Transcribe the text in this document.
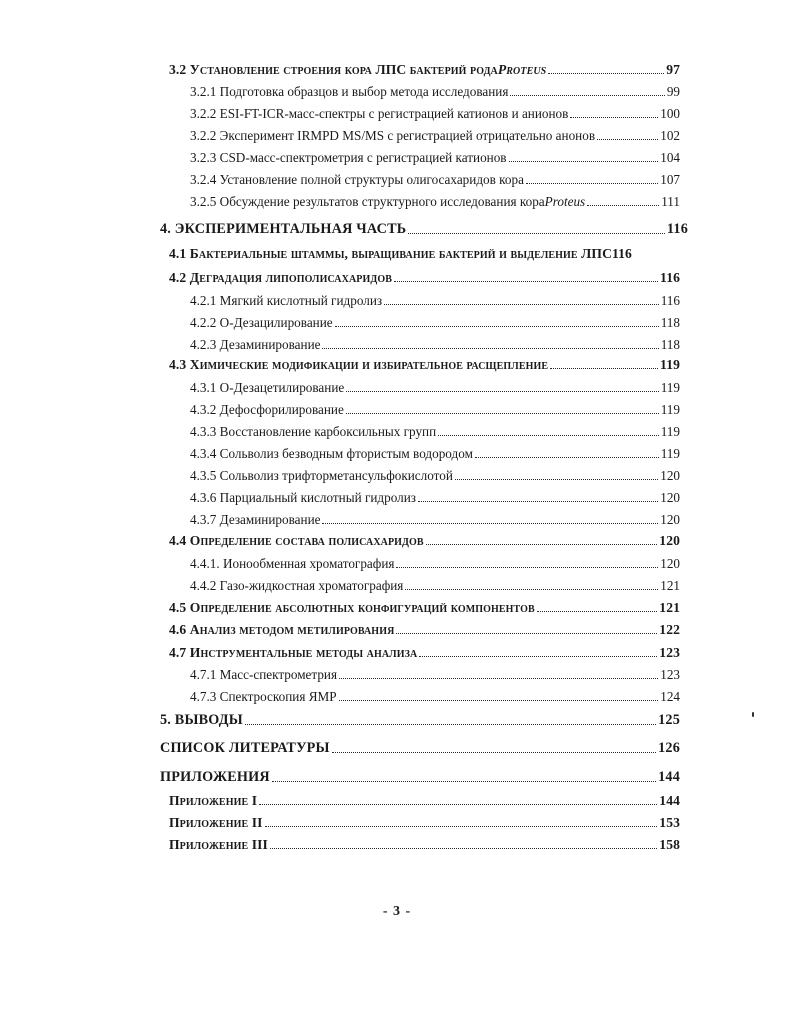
3.2 Установление строения кора ЛПС бактерий рода Proteus	97
3.2.1 Подготовка образцов и выбор метода исследования	99
3.2.2 ESI-FT-ICR-масс-спектры с регистрацией катионов и анионов	100
3.2.2 Эксперимент IRMPD MS/MS с регистрацией отрицательно анонов	102
3.2.3 CSD-масс-спектрометрия с регистрацией катионов	104
3.2.4 Установление полной структуры олигосахаридов кора	107
3.2.5 Обсуждение результатов структурного исследования кора Proteus	111
4. ЭКСПЕРИМЕНТАЛЬНАЯ ЧАСТЬ	116
4.1 Бактериальные штаммы, выращивание бактерий и выделение ЛПС 116
4.2 Деградация липополисахаридов	116
4.2.1 Мягкий кислотный гидролиз	116
4.2.2 О-Дезацилирование	118
4.2.3 Дезаминирование	118
4.3 Химические модификации и избирательное расщепление	119
4.3.1 О-Дезацетилирование	119
4.3.2 Дефосфорилирование	119
4.3.3 Восстановление карбоксильных групп	119
4.3.4 Сольволиз безводным фтористым водородом	119
4.3.5 Сольволиз трифторметансульфокислотой	120
4.3.6 Парциальный кислотный гидролиз	120
4.3.7 Дезаминирование	120
4.4 Определение состава полисахаридов	120
4.4.1. Ионообменная хроматография	120
4.4.2 Газо-жидкостная хроматография	121
4.5 Определение абсолютных конфигураций компонентов	121
4.6 Анализ методом метилирования	122
4.7 Инструментальные методы анализа	123
4.7.1 Масс-спектрометрия	123
4.7.3 Спектроскопия ЯМР	124
5. ВЫВОДЫ	125
СПИСОК ЛИТЕРАТУРЫ	126
ПРИЛОЖЕНИЯ	144
Приложение I	144
Приложение II	153
Приложение III	158
- 3 -
